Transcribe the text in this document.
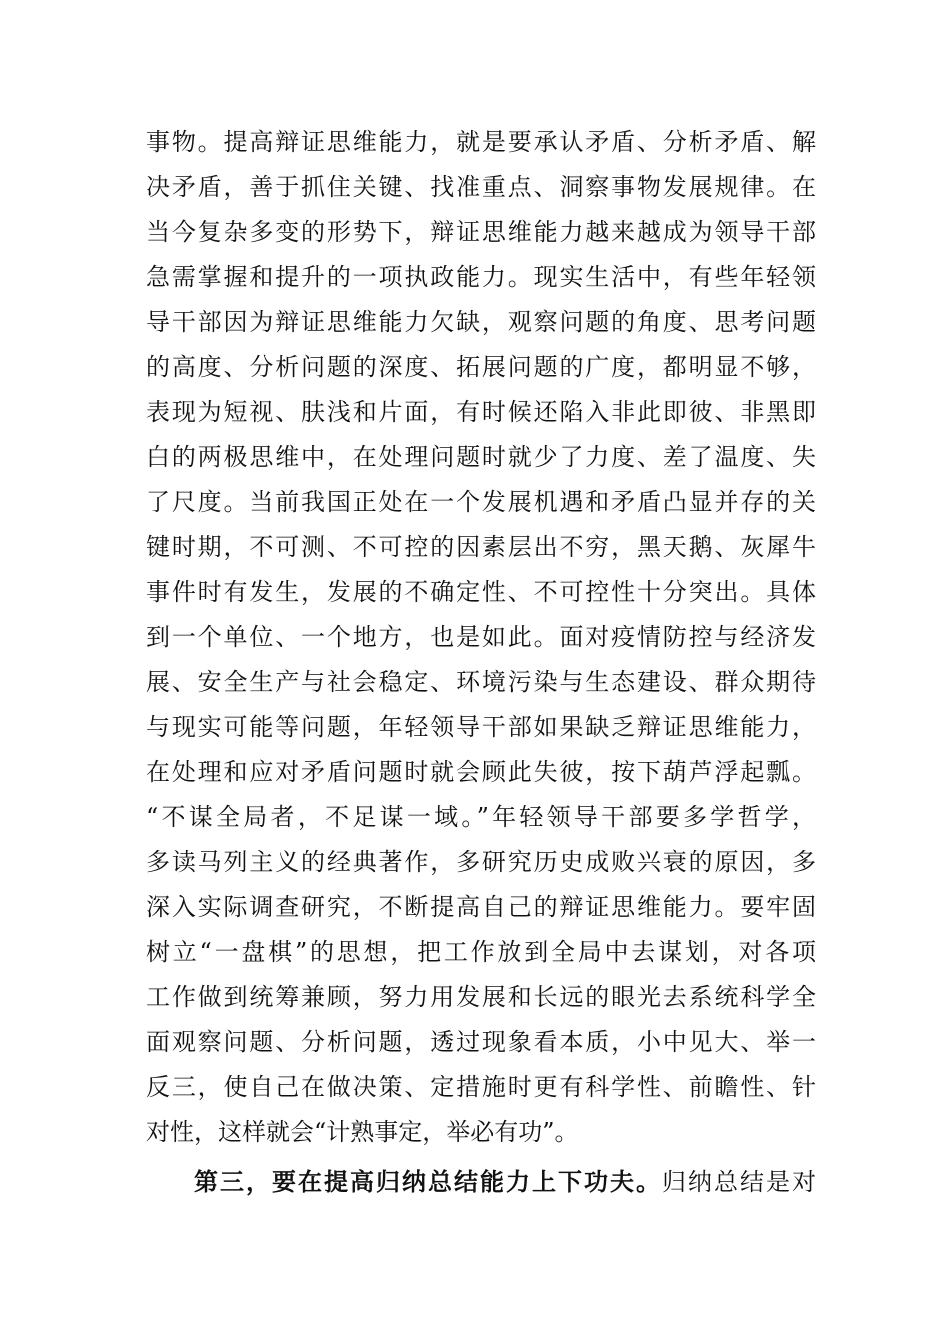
事物。提高辩证思维能力，就是要承认矛盾、分析矛盾、解
决矛盾，善于抓住关键、找准重点、洞察事物发展规律。在
当今复杂多变的形势下，辩证思维能力越来越成为领导干部
急需掌握和提升的一项执政能力。现实生活中，有些年轻领
导干部因为辩证思维能力欠缺，观察问题的角度、思考问题
的高度、分析问题的深度、拓展问题的广度，都明显不够，
表现为短视、肤浅和片面，有时候还陷入非此即彼、非黑即
白的两极思维中，在处理问题时就少了力度、差了温度、失
了尺度。当前我国正处在一个发展机遇和矛盾凸显并存的关
键时期，不可测、不可控的因素层出不穷，黑天鹅、灰犀牛
事件时有发生，发展的不确定性、不可控性十分突出。具体
到一个单位、一个地方，也是如此。面对疫情防控与经济发
展、安全生产与社会稳定、环境污染与生态建设、群众期待
与现实可能等问题，年轻领导干部如果缺乏辩证思维能力，
在处理和应对矛盾问题时就会顾此失彼，按下葫芦浮起瓢。
“不谋全局者，不足谋一域。”年轻领导干部要多学哲学，
多读马列主义的经典著作，多研究历史成败兴衰的原因，多
深入实际调查研究，不断提高自己的辩证思维能力。要牢固
树立“一盘棋”的思想，把工作放到全局中去谋划，对各项
工作做到统筹兼顾，努力用发展和长远的眼光去系统科学全
面观察问题、分析问题，透过现象看本质，小中见大、举一
反三，使自己在做决策、定措施时更有科学性、前瞻性、针
对性，这样就会“计熟事定，举必有功”。
第三，要在提高归纳总结能力上下功夫。归纳总结是对
